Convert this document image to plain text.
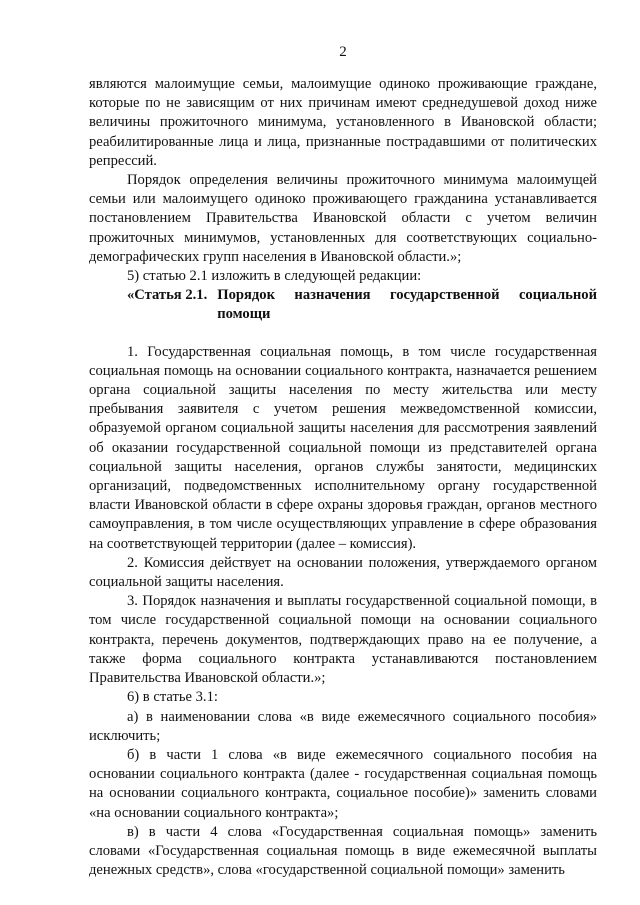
2

являются малоимущие семьи, малоимущие одиноко проживающие граждане, которые по не зависящим от них причинам имеют среднедушевой доход ниже величины прожиточного минимума, установленного в Ивановской области; реабилитированные лица и лица, признанные пострадавшими от политических репрессий.

Порядок определения величины прожиточного минимума малоимущей семьи или малоимущего одиноко проживающего гражданина устанавливается постановлением Правительства Ивановской области с учетом величин прожиточных минимумов, установленных для соответствующих социально-демографических групп населения в Ивановской области.»;

5) статью 2.1 изложить в следующей редакции:

«Статья 2.1. Порядок назначения государственной социальной помощи

1. Государственная социальная помощь, в том числе государственная социальная помощь на основании социального контракта, назначается решением органа социальной защиты населения по месту жительства или месту пребывания заявителя с учетом решения межведомственной комиссии, образуемой органом социальной защиты населения для рассмотрения заявлений об оказании государственной социальной помощи из представителей органа социальной защиты населения, органов службы занятости, медицинских организаций, подведомственных исполнительному органу государственной власти Ивановской области в сфере охраны здоровья граждан, органов местного самоуправления, в том числе осуществляющих управление в сфере образования на соответствующей территории (далее – комиссия).

2. Комиссия действует на основании положения, утверждаемого органом социальной защиты населения.

3. Порядок назначения и выплаты государственной социальной помощи, в том числе государственной социальной помощи на основании социального контракта, перечень документов, подтверждающих право на ее получение, а также форма социального контракта устанавливаются постановлением Правительства Ивановской области.»;

6) в статье 3.1:

а) в наименовании слова «в виде ежемесячного социального пособия» исключить;

б) в части 1 слова «в виде ежемесячного социального пособия на основании социального контракта (далее - государственная социальная помощь на основании социального контракта, социальное пособие)» заменить словами «на основании социального контракта»;

в) в части 4 слова «Государственная социальная помощь» заменить словами «Государственная социальная помощь в виде ежемесячной выплаты денежных средств», слова «государственной социальной помощи» заменить
